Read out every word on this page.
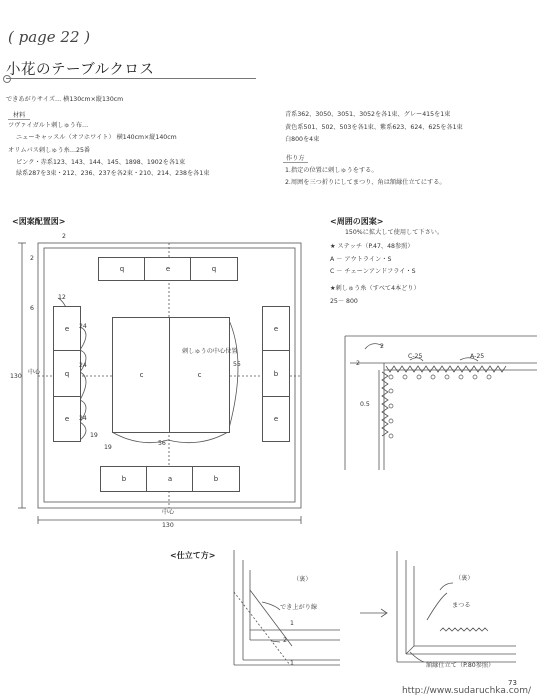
( page 22 )
小花のテーブルクロス
できあがりサイズ… 横130cm×縦130cm
材料
ツヴァイガルト刺しゅう布…
ニューキャッスル（オフホワイト） 横140cm×縦140cm
オリムパス刺しゅう糸…25番
ピンク・赤系123、143、144、145、1898、1902を各1束
緑系287を3束・212、236、237を各2束・210、214、238を各1束
青系362、3050、3051、3052を各1束、グレー415を1束
黄色系501、502、503を各1束、紫系623、624、625を各1束
白800を4束
作り方
1.指定の位置に刺しゅうをする。
2.周囲を三つ折りにしてまつり、角は額縁仕立てにする。
<図案配置図>
q	e	q
e
q
e
e
b
e
b	a	b
c	c
2
2
6
12
24
24
24
130
中心
19
19
56
55
中心
130
刺しゅうの中心位置
<周囲の図案>
150%に拡大して使用して下さい。
★ ステッチ（P.47、48参照）
A － アウトライン・S
C － チェーンアンドフライ・S
★刺しゅう糸（すべて4本どり）
25－ 800
2
2
C-25	A-25
0.5
<仕立て方>
（裏）
でき上がり線
1
2
1
（裏）
まつる
額縁仕立て（P.80参照）
73
http://www.sudaruchka.com/
